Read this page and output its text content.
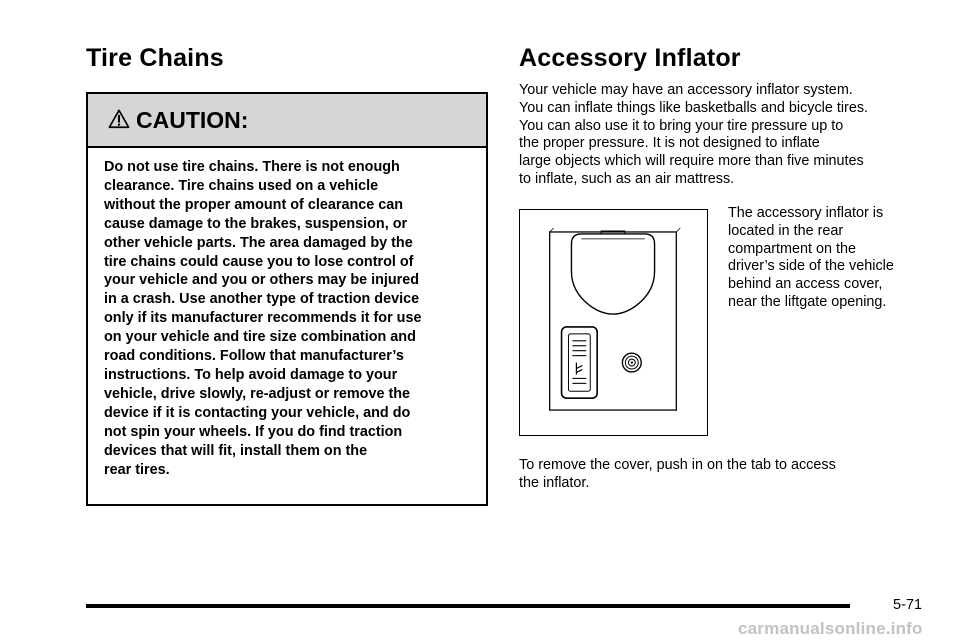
Tire Chains
CAUTION:
Do not use tire chains. There is not enough
clearance. Tire chains used on a vehicle
without the proper amount of clearance can
cause damage to the brakes, suspension, or
other vehicle parts. The area damaged by the
tire chains could cause you to lose control of
your vehicle and you or others may be injured
in a crash. Use another type of traction device
only if its manufacturer recommends it for use
on your vehicle and tire size combination and
road conditions. Follow that manufacturer’s
instructions. To help avoid damage to your
vehicle, drive slowly, re-adjust or remove the
device if it is contacting your vehicle, and do
not spin your wheels. If you do find traction
devices that will fit, install them on the
rear tires.
Accessory Inflator
Your vehicle may have an accessory inflator system.
You can inflate things like basketballs and bicycle tires.
You can also use it to bring your tire pressure up to
the proper pressure. It is not designed to inflate
large objects which will require more than five minutes
to inflate, such as an air mattress.
The accessory inflator is
located in the rear
compartment on the
driver’s side of the vehicle
behind an access cover,
near the liftgate opening.
To remove the cover, push in on the tab to access
the inflator.
5-71
carmanualsonline.info
